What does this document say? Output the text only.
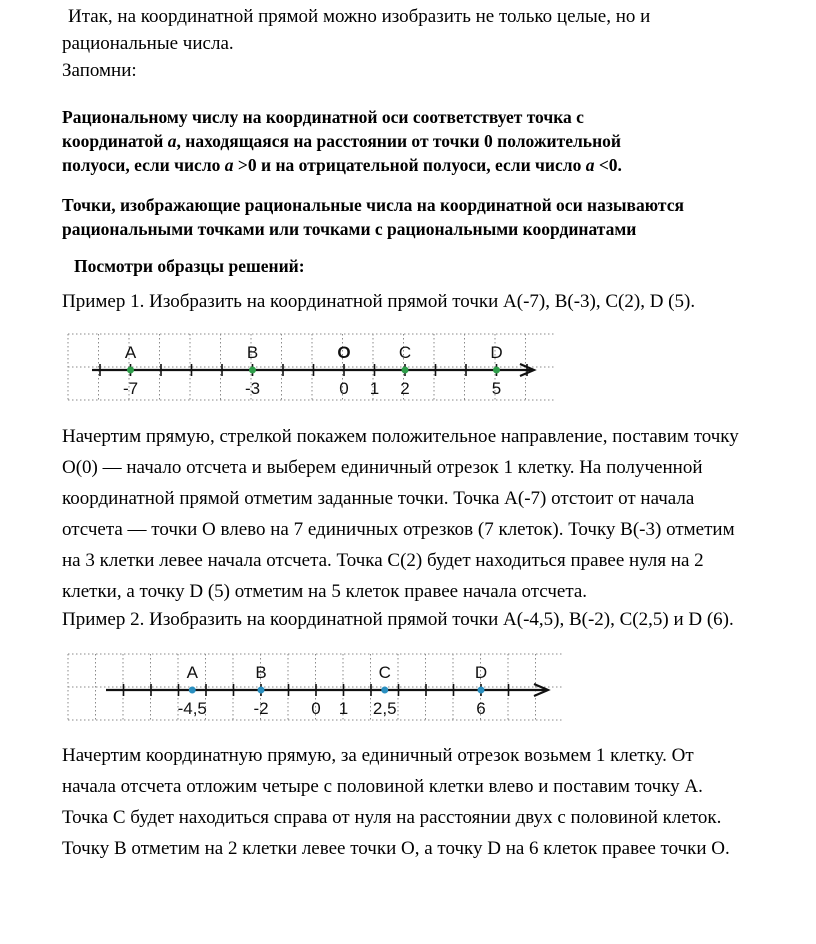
Итак, на координатной прямой можно изобразить не только целые, но и

рациональные числа.

Запомни:

Рациональному числу на координатной оси соответствует точка с

координатой a, находящаяся на расстоянии от точки 0 положительной

полуоси, если число a >0 и на отрицательной полуоси, если число a <0.

Точки, изображающие рациональные числа на координатной оси называются

рациональными точками или точками с рациональными координатами

Посмотри образцы решений:

Пример 1. Изобразить на координатной прямой точки A(-7), B(-3), C(2), D (5).

0 1
O
A
-7
B
-3
C
2
D
5

Начертим прямую, стрелкой покажем положительное направление, поставим точку

O(0) — начало отсчета и выберем единичный отрезок 1 клетку. На полученной

координатной прямой отметим заданные точки. Точка A(-7) отстоит от начала

отсчета — точки O влево на 7 единичных отрезков (7 клеток). Точку B(-3) отметим

на 3 клетки левее начала отсчета. Точка C(2) будет находиться правее нуля на 2

клетки, а точку D (5) отметим на 5 клеток правее начала отсчета.

Пример 2. Изобразить на координатной прямой точки A(-4,5), B(-2), C(2,5) и D (6).

0 1
A
-4,5
B
-2
C
2,5
D
6

Начертим координатную прямую, за единичный отрезок возьмем 1 клетку. От

начала отсчета отложим четыре с половиной клетки влево и поставим точку A.

Точка C будет находиться справа от нуля на расстоянии двух с половиной клеток.

Точку B отметим на 2 клетки левее точки O, а точку D на 6 клеток правее точки O.
